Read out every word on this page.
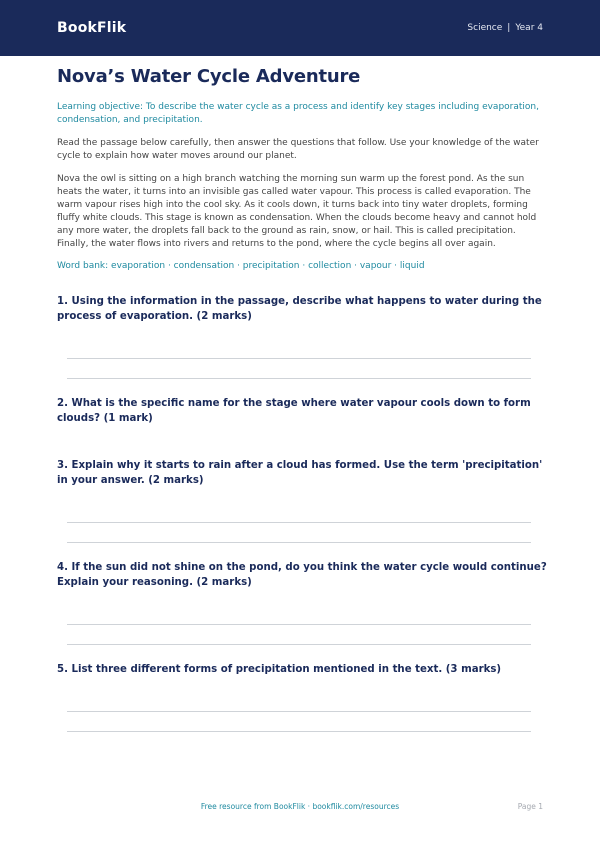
BookFlik	Science | Year 4
Nova’s Water Cycle Adventure
Learning objective: To describe the water cycle as a process and identify key stages including evaporation, condensation, and precipitation.
Read the passage below carefully, then answer the questions that follow. Use your knowledge of the water cycle to explain how water moves around our planet.
Nova the owl is sitting on a high branch watching the morning sun warm up the forest pond. As the sun heats the water, it turns into an invisible gas called water vapour. This process is called evaporation. The warm vapour rises high into the cool sky. As it cools down, it turns back into tiny water droplets, forming fluffy white clouds. This stage is known as condensation. When the clouds become heavy and cannot hold any more water, the droplets fall back to the ground as rain, snow, or hail. This is called precipitation. Finally, the water flows into rivers and returns to the pond, where the cycle begins all over again.
Word bank: evaporation · condensation · precipitation · collection · vapour · liquid
1. Using the information in the passage, describe what happens to water during the process of evaporation. (2 marks)
2. What is the specific name for the stage where water vapour cools down to form clouds? (1 mark)
3. Explain why it starts to rain after a cloud has formed. Use the term 'precipitation' in your answer. (2 marks)
4. If the sun did not shine on the pond, do you think the water cycle would continue? Explain your reasoning. (2 marks)
5. List three different forms of precipitation mentioned in the text. (3 marks)
Free resource from BookFlik · bookflik.com/resources	Page 1
